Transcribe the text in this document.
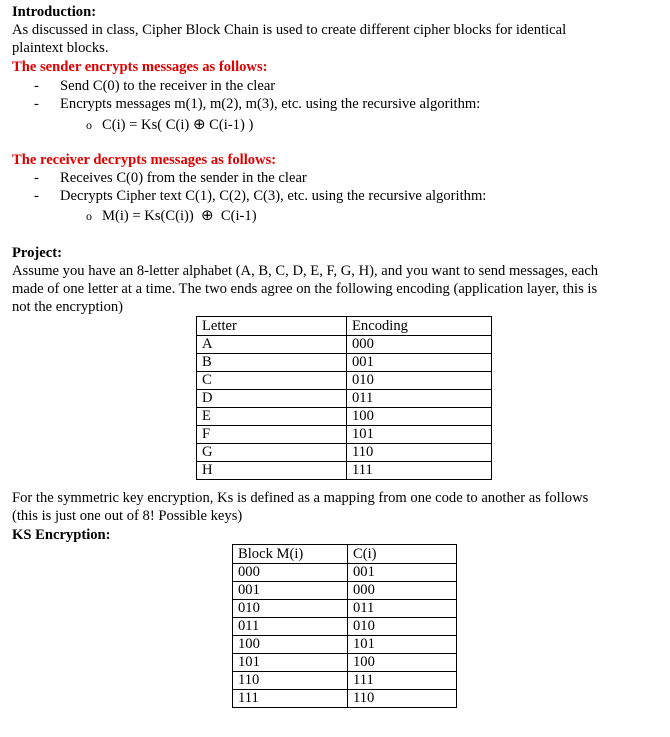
Introduction:
As discussed in class, Cipher Block Chain is used to create different cipher blocks for identical
plaintext blocks.
The sender encrypts messages as follows:
- Send C(0) to the receiver in the clear
- Encrypts messages m(1), m(2), m(3), etc. using the recursive algorithm:
o C(i) = Ks( C(i) ⊕ C(i-1) )
The receiver decrypts messages as follows:
- Receives C(0) from the sender in the clear
- Decrypts Cipher text C(1), C(2), C(3), etc. using the recursive algorithm:
o M(i) = Ks(C(i)) ⊕ C(i-1)
Project:
Assume you have an 8-letter alphabet (A, B, C, D, E, F, G, H), and you want to send messages, each
made of one letter at a time. The two ends agree on the following encoding (application layer, this is
not the encryption)
Letter	Encoding
A	000
B	001
C	010
D	011
E	100
F	101
G	110
H	111
For the symmetric key encryption, Ks is defined as a mapping from one code to another as follows
(this is just one out of 8! Possible keys)
KS Encryption:
Block M(i)	C(i)
000	001
001	000
010	011
011	010
100	101
101	100
110	111
111	110
